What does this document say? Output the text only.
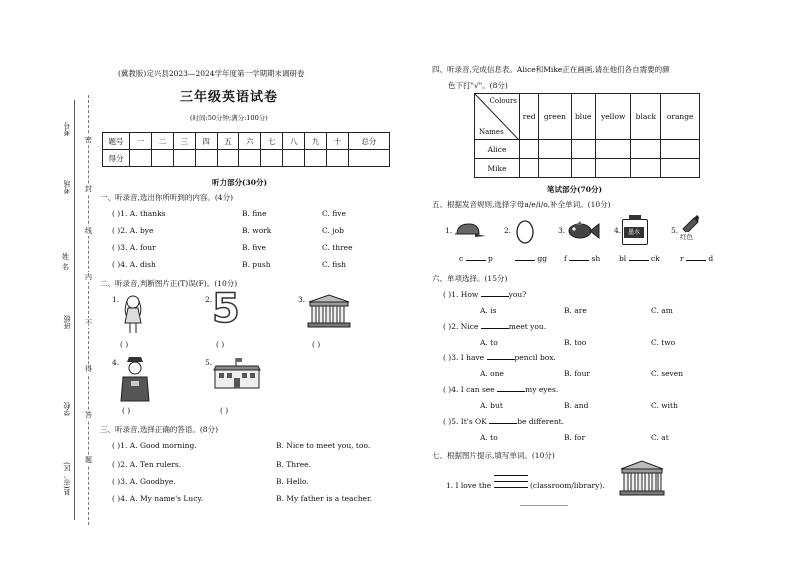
考号
考场
姓
名
班级
学校
县(市、区)
密
封
线
内
不
得
答
题
(冀教版)定兴县2023—2024学年度第一学期期末调研卷
三年级英语试卷
(时间:50分钟;满分:100分)
题号	一	二	三	四	五	六	七	八	九	十	总分
得分											
听力部分(30分)
一、听录音,选出你所听到的内容。(4分)
( )1. A. thanks	B. fine	C. five
( )2. A. bye	B. work	C. job
( )3. A. four	B. five	C. three
( )4. A. dish	B. push	C. fish
二、听录音,判断图片正(T)误(F)。(10分)
1.
( )
2. 5
( )
3.
( )
4.
( )
5.
( )
三、听录音,选择正确的答语。(8分)
( )1. A. Good morning.	B. Nice to meet you, too.
( )2. A. Ten rulers.	B. Three.
( )3. A. Goodbye.	B. Hello.
( )4. A. My name's Lucy.	B. My father is a teacher.
四、听录音,完成信息表。Alice和Mike正在画画,请在他们各自需要的颜
色下打"√"。(8分)
Colours
Names	red	green	blue	yellow	black	orange
Alice						
Mike						
笔试部分(70分)
五、根据发音规则,选择字母a/e/i/o,补全单词。(10分)
1.
c	p
2.
gg
3.
f	sh
4.	墨水
bl	ck
5.
红色
r	d
六、单项选择。(15分)
( )1. How	you?
A. is	B. are	C. am
( )2. Nice	meet you.
A. to	B. too	C. two
( )3. I have	pencil box.
A. one	B. four	C. seven
( )4. I can see	my eyes.
A. but	B. and	C. with
( )5. It's OK	be different.
A. to	B. for	C. at
七、根据图片提示,填写单词。(10分)
1. I love the	(classroom/library).
